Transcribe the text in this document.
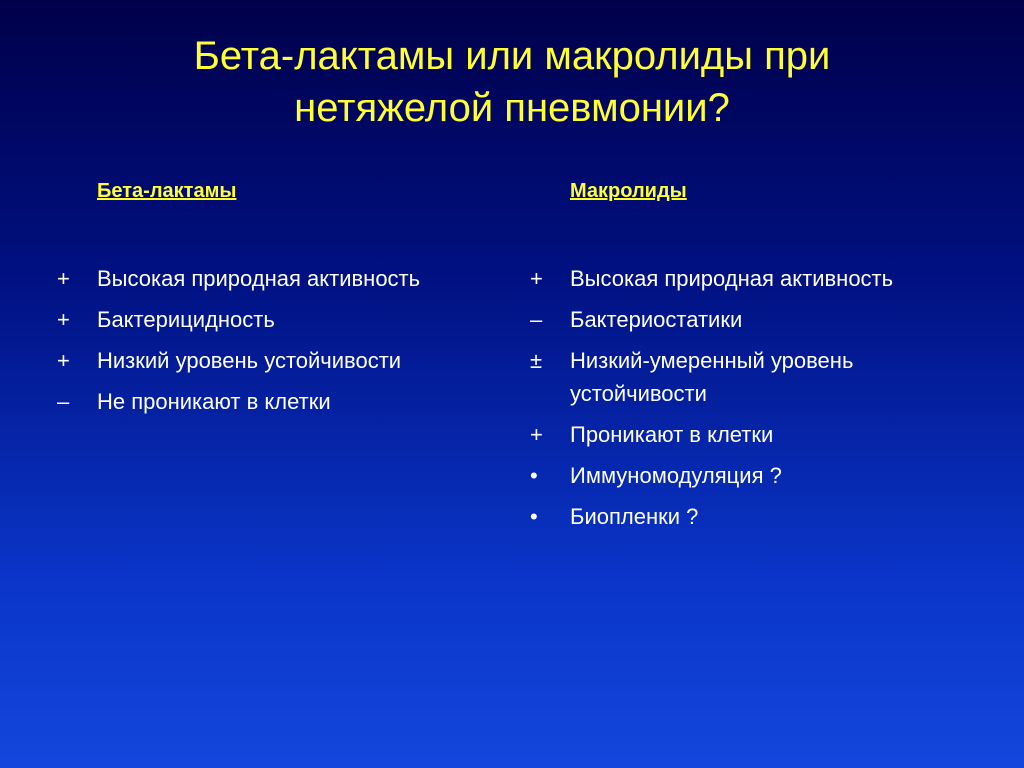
Бета-лактамы или макролиды при
нетяжелой пневмонии?
Бета-лактамы
+	Высокая природная активность
+	Бактерицидность
+	Низкий уровень устойчивости
–	Не проникают в клетки
Макролиды
+	Высокая природная активность
–	Бактериостатики
±	Низкий-умеренный уровень устойчивости
+	Проникают в клетки
•	Иммуномодуляция ?
•	Биопленки ?
